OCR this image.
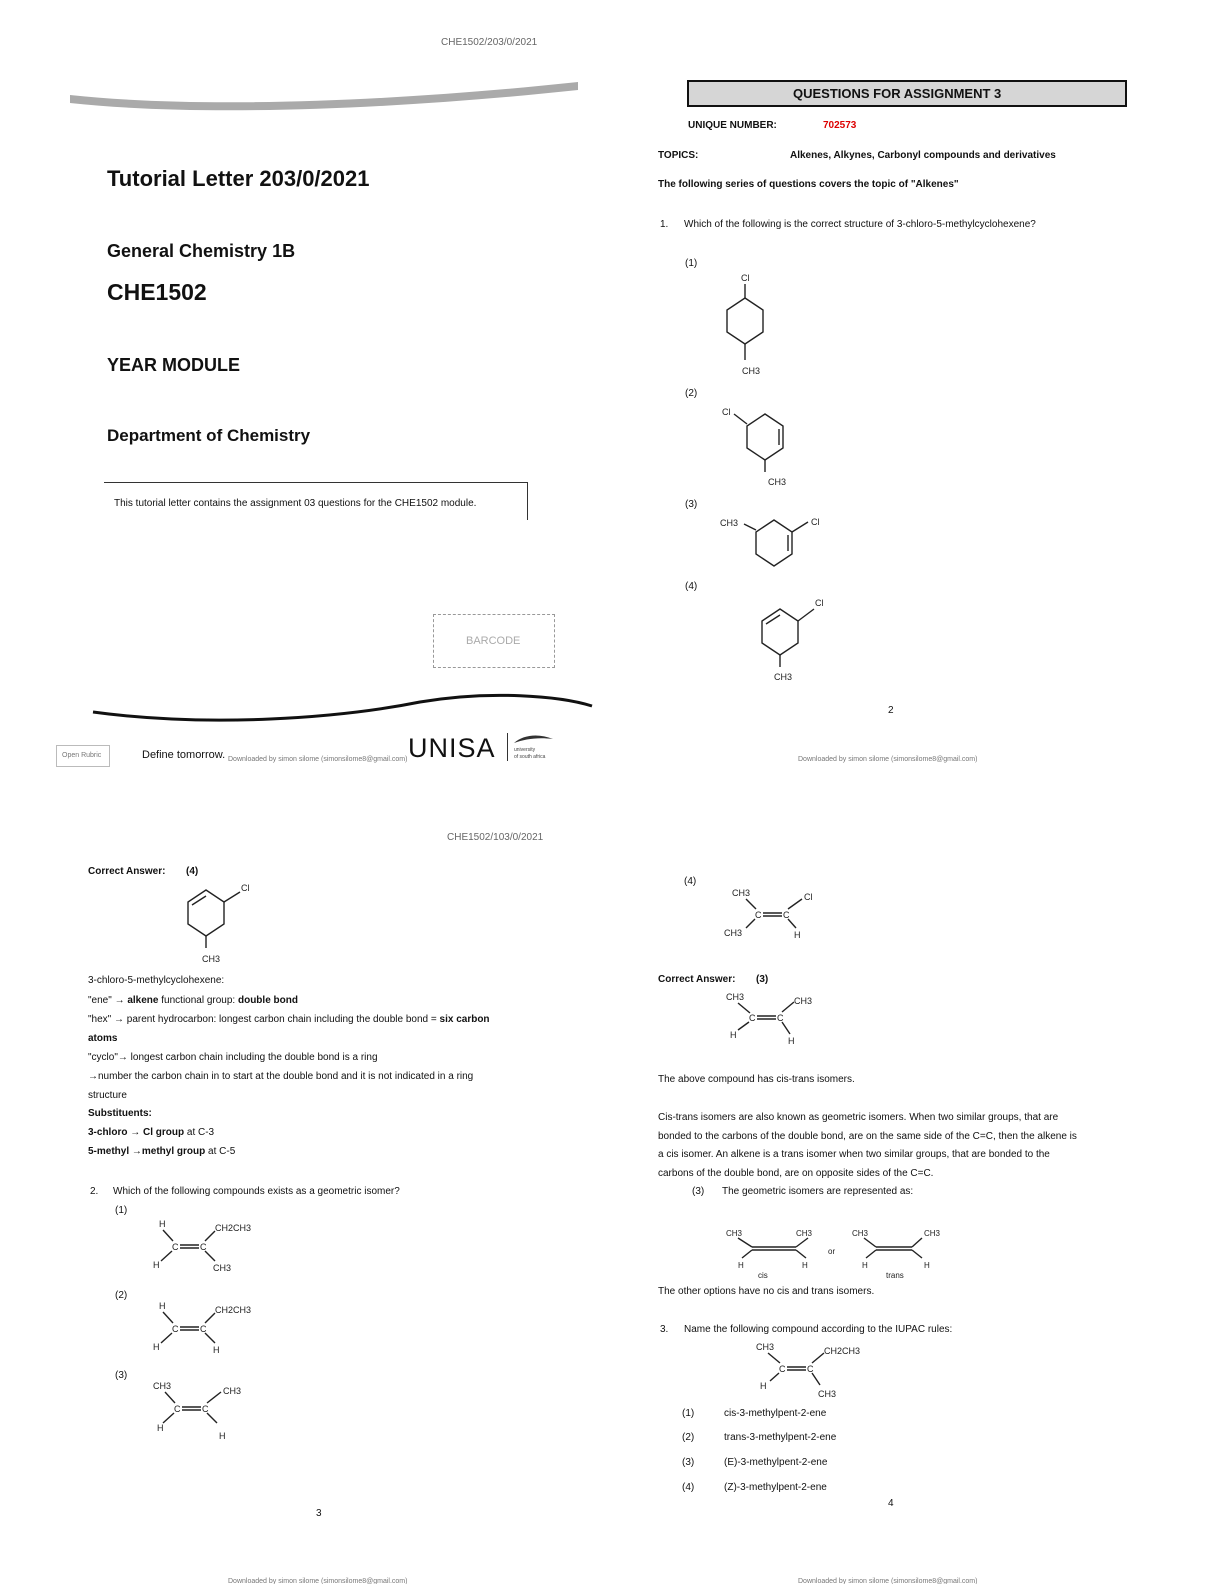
CHE1502/203/0/2021
Tutorial Letter 203/0/2021
General Chemistry 1B
CHE1502
YEAR MODULE
Department of Chemistry
This tutorial letter contains the assignment 03 questions for the CHE1502 module.
BARCODE
Open Rubric	Define tomorrow. Downloaded by simon silome (simonsilome8@gmail.com) UNISA	university
of south africa
QUESTIONS FOR ASSIGNMENT 3
UNIQUE NUMBER:	702573
TOPICS:	Alkenes, Alkynes, Carbonyl compounds and derivatives
The following series of questions covers the topic of "Alkenes"
1. Which of the following is the correct structure of 3-chloro-5-methylcyclohexene?
(1)
Cl
CH3
(2)
Cl
CH3
(3)
CH3	Cl
(4)
Cl
CH3
2
Downloaded by simon silome (simonsilome8@gmail.com)
CHE1502/103/0/2021
Correct Answer: (4)
Cl
CH3
3-chloro-5-methylcyclohexene:
"ene" → alkene functional group: double bond
"hex" → parent hydrocarbon: longest carbon chain including the double bond = six carbon
atoms
"cyclo"→ longest carbon chain including the double bond is a ring
→number the carbon chain in to start at the double bond and it is not indicated in a ring
structure
Substituents:
3-chloro → Cl group at C-3
5-methyl →methyl group at C-5
2. Which of the following compounds exists as a geometric isomer?
(1)
H	CH2CH3
C C
H	CH3
(2)
H	CH2CH3
C C
H	H
(3)
CH3	CH3
C C
H
H
3
Downloaded by simon silome (simonsilome8@gmail.com)
(4)
CH3	Cl
C C
CH3	H
Correct Answer: (3)
CH3	CH3
C C
H
H
The above compound has cis-trans isomers.
Cis-trans isomers are also known as geometric isomers. When two similar groups, that are
bonded to the carbons of the double bond, are on the same side of the C=C, then the alkene is
a cis isomer. An alkene is a trans isomer when two similar groups, that are bonded to the
carbons of the double bond, are on opposite sides of the C=C.
(3) The geometric isomers are represented as:
CH3	CH3
H	H
cis
or
CH3	CH3
H	H
trans
The other options have no cis and trans isomers.
3. Name the following compound according to the IUPAC rules:
CH3	CH2CH3
C C
H
CH3
(1)	cis-3-methylpent-2-ene
(2)	trans-3-methylpent-2-ene
(3)	(E)-3-methylpent-2-ene
(4)	(Z)-3-methylpent-2-ene
4
Downloaded by simon silome (simonsilome8@gmail.com)
